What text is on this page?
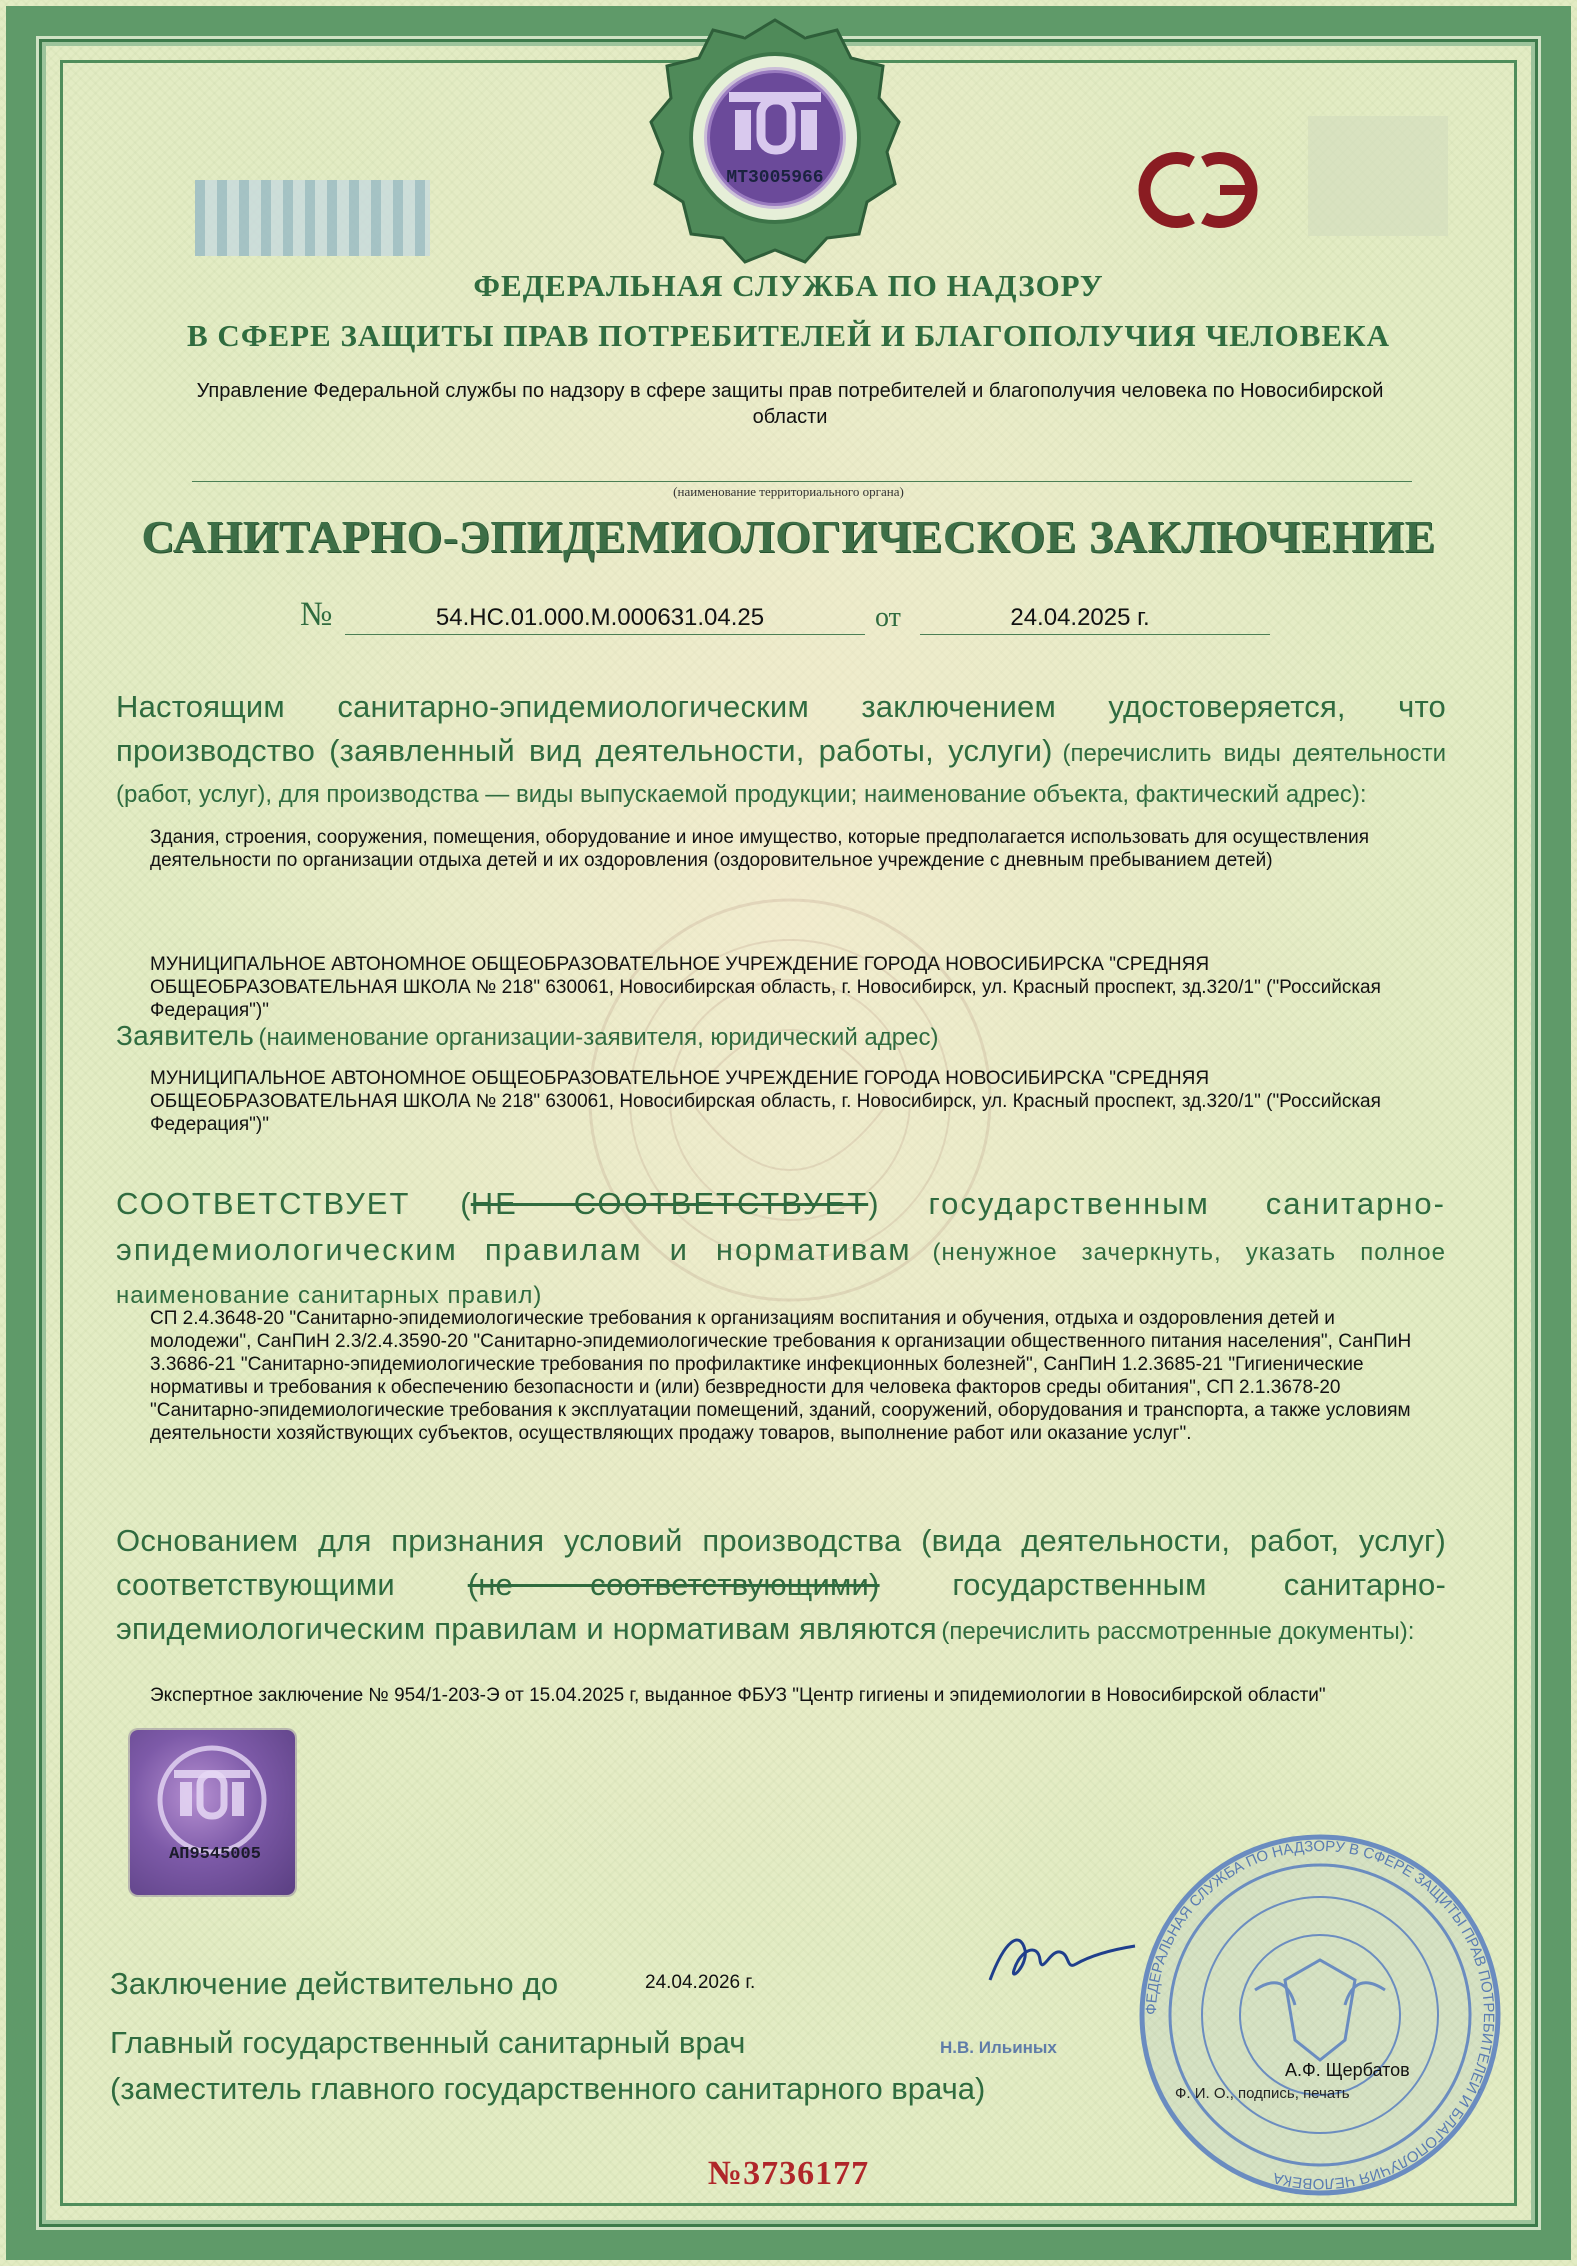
МТ3005966
ФЕДЕРАЛЬНАЯ СЛУЖБА ПО НАДЗОРУ
В СФЕРЕ ЗАЩИТЫ ПРАВ ПОТРЕБИТЕЛЕЙ И БЛАГОПОЛУЧИЯ ЧЕЛОВЕКА
Управление Федеральной службы по надзору в сфере защиты прав потребителей и благополучия человека по Новосибирской области
(наименование территориального органа)
САНИТАРНО-ЭПИДЕМИОЛОГИЧЕСКОЕ ЗАКЛЮЧЕНИЕ
№	54.НС.01.000.М.000631.04.25	от	24.04.2025 г.
Настоящим санитарно-эпидемиологическим заключением удостоверяется, что производство (заявленный вид деятельности, работы, услуги) (перечислить виды деятельности (работ, услуг), для производства — виды выпускаемой продукции; наименование объекта, фактический адрес):
Здания, строения, сооружения, помещения, оборудование и иное имущество, которые предполагается использовать для осуществления деятельности по организации отдыха детей и их оздоровления (оздоровительное учреждение с дневным пребыванием детей)
МУНИЦИПАЛЬНОЕ АВТОНОМНОЕ ОБЩЕОБРАЗОВАТЕЛЬНОЕ УЧРЕЖДЕНИЕ ГОРОДА НОВОСИБИРСКА "СРЕДНЯЯ ОБЩЕОБРАЗОВАТЕЛЬНАЯ ШКОЛА № 218" 630061, Новосибирская область, г. Новосибирск, ул. Красный проспект, зд.320/1" ("Российская Федерация")"
Заявитель (наименование организации-заявителя, юридический адрес)
МУНИЦИПАЛЬНОЕ АВТОНОМНОЕ ОБЩЕОБРАЗОВАТЕЛЬНОЕ УЧРЕЖДЕНИЕ ГОРОДА НОВОСИБИРСКА "СРЕДНЯЯ ОБЩЕОБРАЗОВАТЕЛЬНАЯ ШКОЛА № 218" 630061, Новосибирская область, г. Новосибирск, ул. Красный проспект, зд.320/1" ("Российская Федерация")"
СООТВЕТСТВУЕТ (НЕ СООТВЕТСТВУЕТ) государственным санитарно-эпидемиологическим правилам и нормативам (ненужное зачеркнуть, указать полное наименование санитарных правил)
СП 2.4.3648-20 "Санитарно-эпидемиологические требования к организациям воспитания и обучения, отдыха и оздоровления детей и молодежи", СанПиН 2.3/2.4.3590-20 "Санитарно-эпидемиологические требования к организации общественного питания населения", СанПиН 3.3686-21 "Санитарно-эпидемиологические требования по профилактике инфекционных болезней", СанПиН 1.2.3685-21 "Гигиенические нормативы и требования к обеспечению безопасности и (или) безвредности для человека факторов среды обитания", СП 2.1.3678-20 "Санитарно-эпидемиологические требования к эксплуатации помещений, зданий, сооружений, оборудования и транспорта, а также условиям деятельности хозяйствующих субъектов, осуществляющих продажу товаров, выполнение работ или оказание услуг".
Основанием для признания условий производства (вида деятельности, работ, услуг) соответствующими (не соответствующими) государственным санитарно-эпидемиологическим правилам и нормативам являются (перечислить рассмотренные документы):
Экспертное заключение № 954/1-203-Э от 15.04.2025 г, выданное ФБУЗ "Центр гигиены и эпидемиологии в Новосибирской области"
АП9545005
Заключение действительно до	24.04.2026 г.
Главный государственный санитарный врач
(заместитель главного государственного санитарного врача)
Н.В. Ильиных
ФЕДЕРАЛЬНАЯ СЛУЖБА ПО НАДЗОРУ В СФЕРЕ ЗАЩИТЫ ПРАВ ПОТРЕБИТЕЛЕЙ И БЛАГОПОЛУЧИЯ ЧЕЛОВЕКА
А.Ф. Щербатов
Ф. И. О., подпись, печать
№3736177
